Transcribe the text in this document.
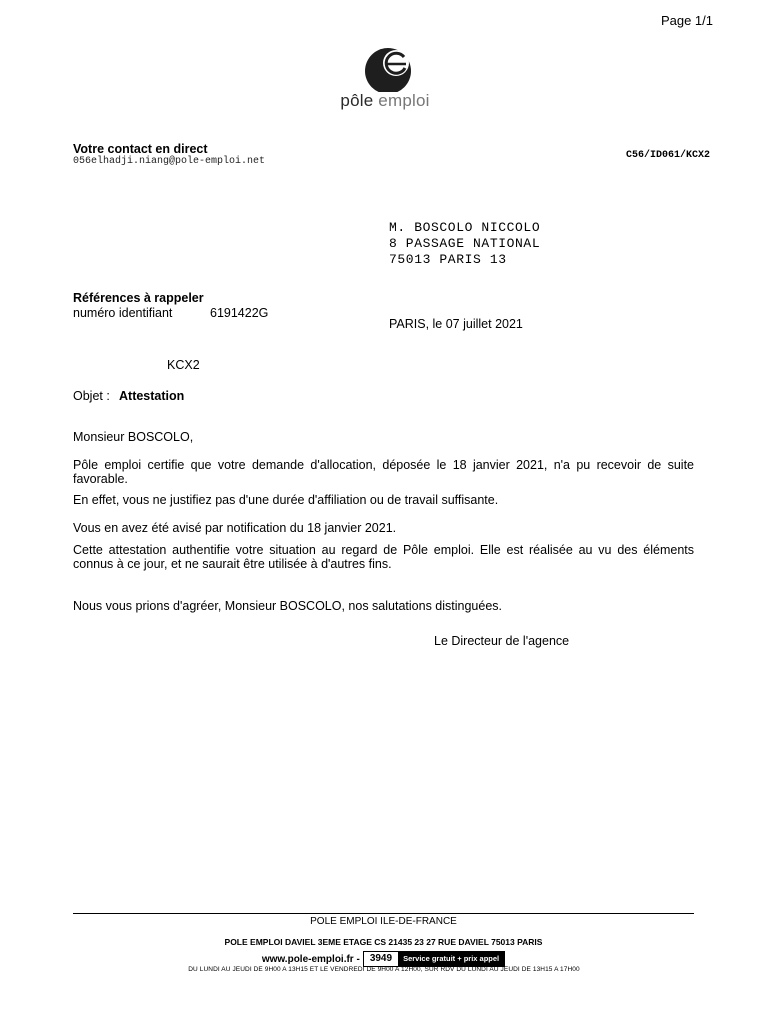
Page 1/1
pôle emploi
Votre contact en direct
056elhadji.niang@pole-emploi.net
C56/ID061/KCX2
M. BOSCOLO NICCOLO
8 PASSAGE NATIONAL
75013 PARIS 13
Références à rappeler
numéro identifiant	6191422G
PARIS, le 07 juillet 2021
KCX2
Objet : Attestation
Monsieur BOSCOLO,
Pôle emploi certifie que votre demande d'allocation, déposée le 18 janvier 2021, n'a pu recevoir de suite favorable.
En effet, vous ne justifiez pas d'une durée d'affiliation ou de travail suffisante.
Vous en avez été avisé par notification du 18 janvier 2021.
Cette attestation authentifie votre situation au regard de Pôle emploi. Elle est réalisée au vu des éléments connus à ce jour, et ne saurait être utilisée à d'autres fins.
Nous vous prions d'agréer, Monsieur BOSCOLO, nos salutations distinguées.
Le Directeur de l'agence
POLE EMPLOI ILE-DE-FRANCE
POLE EMPLOI DAVIEL 3EME ETAGE CS 21435 23 27 RUE DAVIEL 75013 PARIS
www.pole-emploi.fr -	3949	Service gratuit + prix appel
DU LUNDI AU JEUDI DE 9H00 A 13H15 ET LE VENDREDI DE 9H00 A 12H00, SUR RDV DU LUNDI AU JEUDI DE 13H15 A 17H00
